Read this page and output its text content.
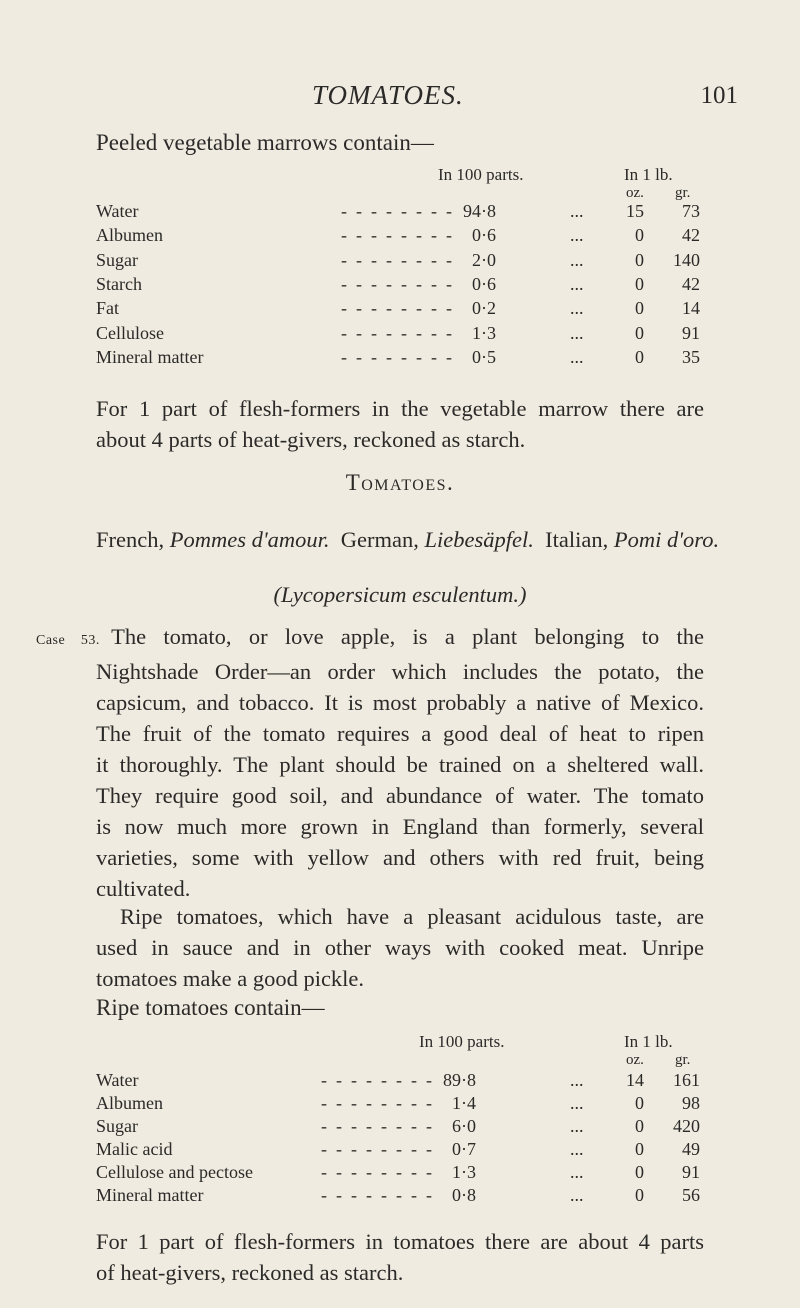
TOMATOES.	101
Peeled vegetable marrows contain—
In 100 parts.	In 1 lb.
oz. gr.
Water	- - - - - - - - 94·8	...	15	73
Albumen	- - - - - - - -	0·6	...	0	42
Sugar	- - - - - - - -	2·0	...	0	140
Starch	- - - - - - - -	0·6	...	0	42
Fat	- - - - - - - -	0·2	...	0	14
Cellulose	- - - - - - - -	1·3	...	0	91
Mineral matter	- - - - - - - -	0·5	...	0	35
For 1 part of flesh-formers in the vegetable marrow there are
about 4 parts of heat-givers, reckoned as starch.
Tomatoes.
French, Pommes d'amour. German, Liebesäpfel. Italian, Pomi d'oro.
(Lycopersicum esculentum.)
Case 53.  The tomato, or love apple, is a plant belonging to the
Nightshade Order—an order which includes the potato, the
capsicum, and tobacco. It is most probably a native of Mexico.
The fruit of the tomato requires a good deal of heat to ripen
it thoroughly. The plant should be trained on a sheltered wall.
They require good soil, and abundance of water. The tomato
is now much more grown in England than formerly, several
varieties, some with yellow and others with red fruit, being
cultivated.
Ripe tomatoes, which have a pleasant acidulous taste, are
used in sauce and in other ways with cooked meat. Unripe
tomatoes make a good pickle.
Ripe tomatoes contain—
In 100 parts.	In 1 lb.
oz. gr.
Water	- - - - - - - - 89·8	...	14	161
Albumen	- - - - - - - -	1·4	...	0	98
Sugar	- - - - - - - -	6·0	...	0	420
Malic acid	- - - - - - - -	0·7	...	0	49
Cellulose and pectose	- - - - - - - -	1·3	...	0	91
Mineral matter	- - - - - - - -	0·8	...	0	56
For 1 part of flesh-formers in tomatoes there are about 4 parts
of heat-givers, reckoned as starch.
